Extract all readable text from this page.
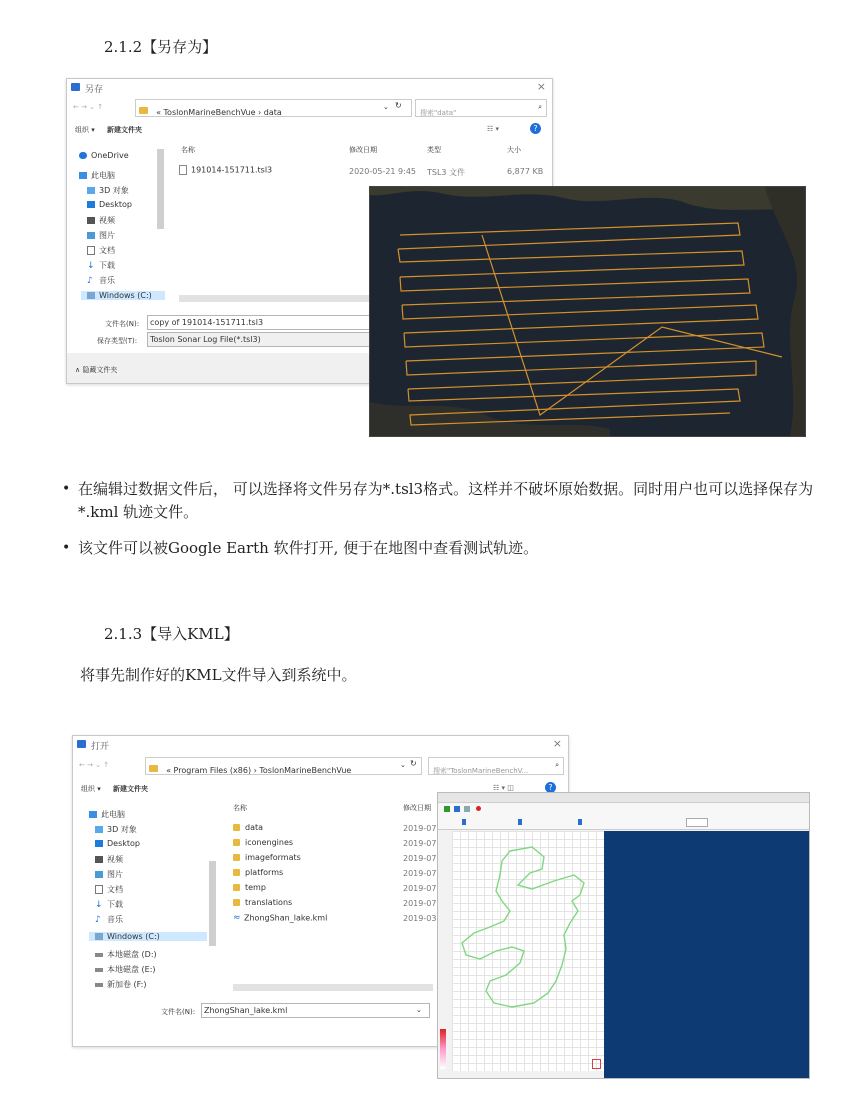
2.1.2【另存为】
另存	×
← → ⌄ ↑
« ToslonMarineBenchVue › data
⌄ ↻
搜索"data"
⌕
组织 ▾ 新建文件夹	☷ ▾	?
OneDrive
此电脑
3D 对象
Desktop
视频
图片
文档
↓ 下载
♪ 音乐
Windows (C:)
名称	修改日期	类型	大小
191014-151711.tsl3	2020-05-21 9:45 TSL3 文件	6,877 KB
文件名(N):	copy of 191014-151711.tsl3
保存类型(T):	Toslon Sonar Log File(*.tsl3)
∧ 隐藏文件夹
• 在编辑过数据文件后， 可以选择将文件另存为*.tsl3格式。这样并不破坏原始数据。同时用户也可以选择保存为 *.kml 轨迹文件。
• 该文件可以被Google Earth 软件打开, 便于在地图中查看测试轨迹。
2.1.3【导入KML】
将事先制作好的KML文件导入到系统中。
打开	×
← → ⌄ ↑
« Program Files (x86) › ToslonMarineBenchVue
⌄ ↻
搜索"ToslonMarineBenchV...
⌕
组织 ▾ 新建文件夹	☷ ▾ ◫	?
此电脑
3D 对象
Desktop
视频
图片
文档
↓ 下载
♪ 音乐
Windows (C:)
本地磁盘 (D:)
本地磁盘 (E:)
新加卷 (F:)
名称	修改日期
data	2019-07
iconengines	2019-07
imageformats	2019-07
platforms	2019-07
temp	2019-07
translations	2019-07
≈ ZhongShan_lake.kml	2019-03
文件名(N):	ZhongShan_lake.kml	⌄
